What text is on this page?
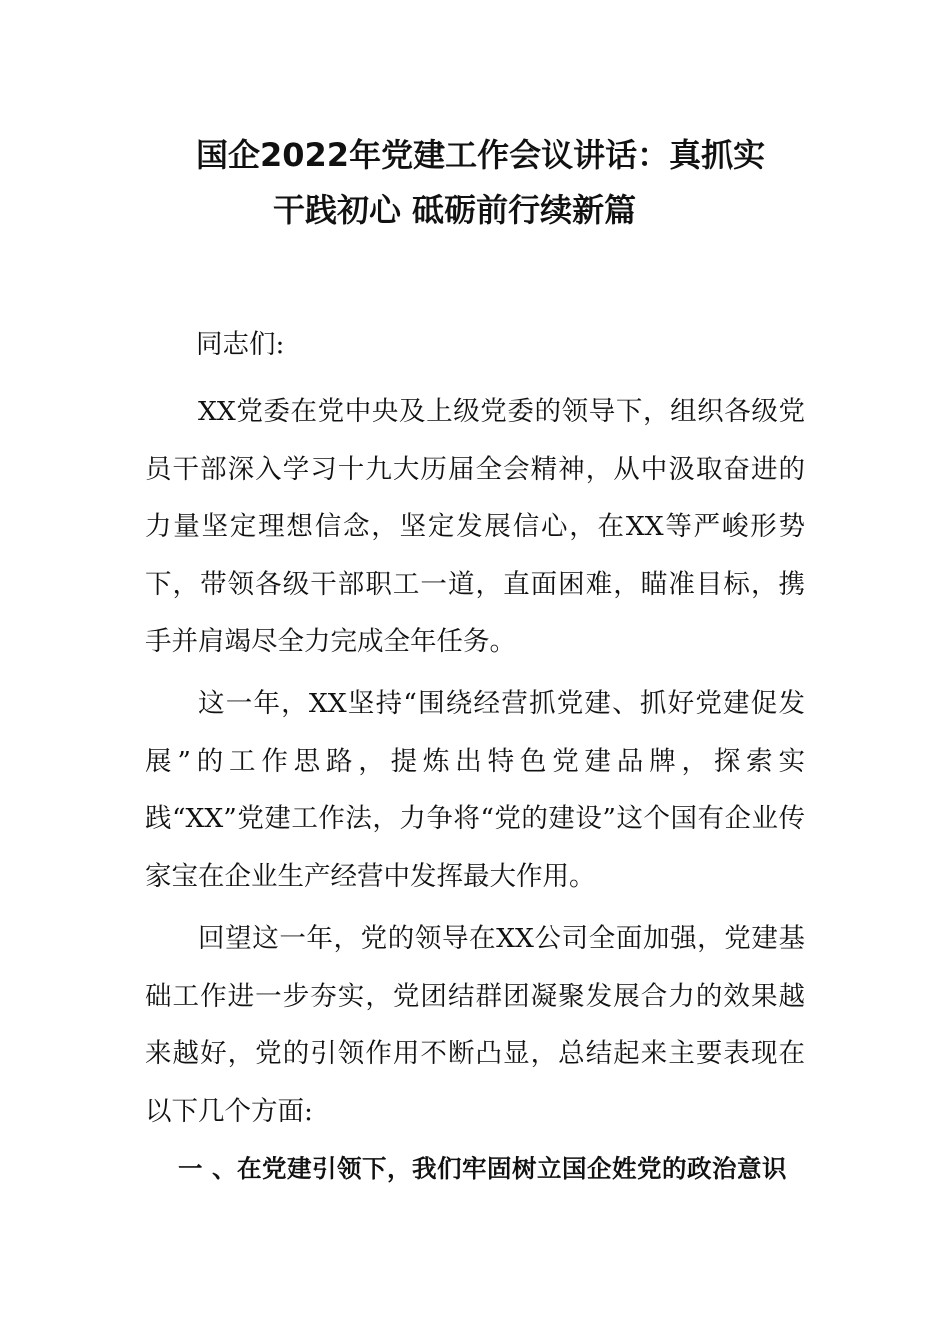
国企2022年党建工作会议讲话：真抓实
干践初心 砥砺前行续新篇
同志们:

XX党委在党中央及上级党委的领导下，组织各级党员干部深入学习十九大历届全会精神，从中汲取奋进的力量坚定理想信念，坚定发展信心，在XX等严峻形势下，带领各级干部职工一道，直面困难，瞄准目标，携手并肩竭尽全力完成全年任务。

这一年，XX坚持“围绕经营抓党建、抓好党建促发展”的工作思路，提炼出特色党建品牌，探索实践“XX”党建工作法，力争将“党的建设”这个国有企业传家宝在企业生产经营中发挥最大作用。

回望这一年，党的领导在XX公司全面加强，党建基础工作进一步夯实，党团结群团凝聚发展合力的效果越来越好，党的引领作用不断凸显，总结起来主要表现在以下几个方面:

一 、在党建引领下，我们牢固树立国企姓党的政治意识
